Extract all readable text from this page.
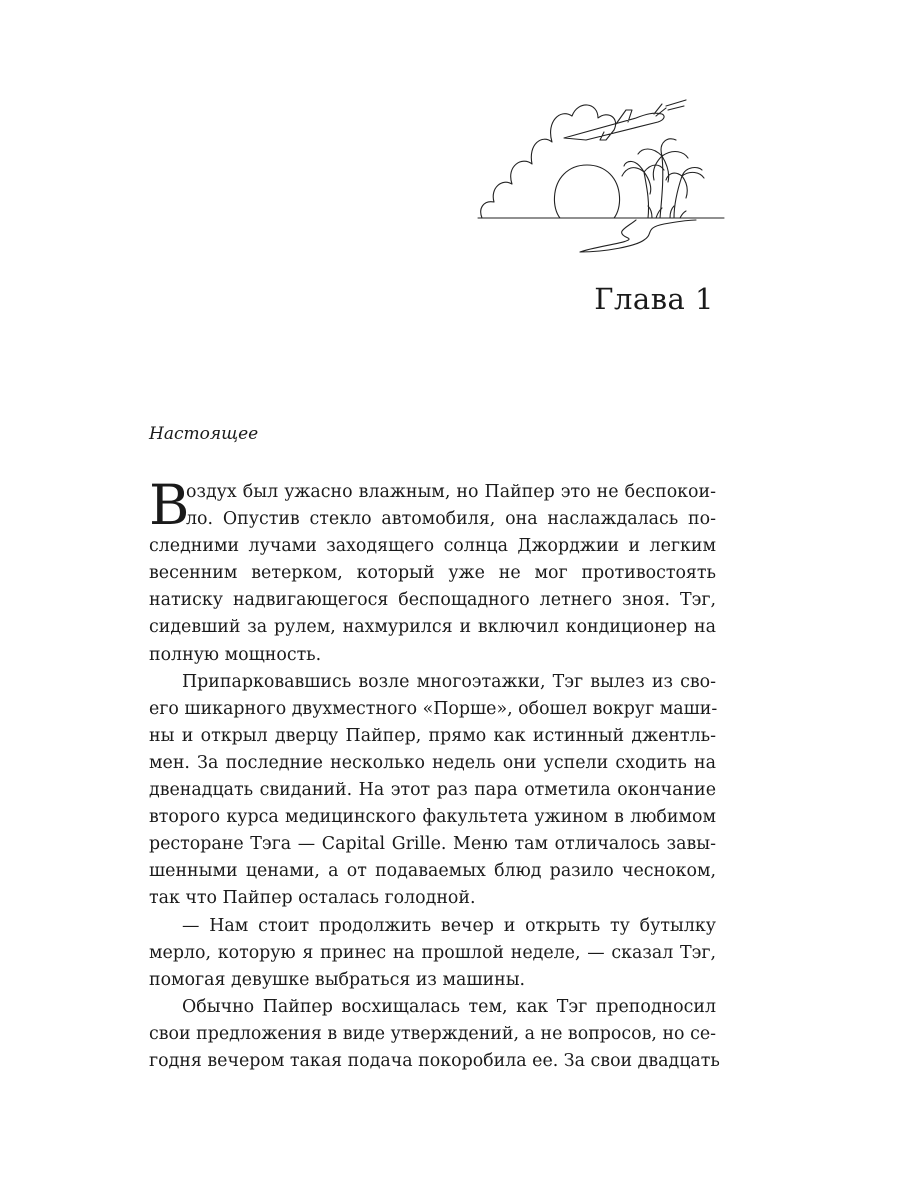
Глава 1
Настоящее
В
оздух был ужасно влажным, но Пайпер это не беспокои-
ло. Опустив стекло автомобиля, она наслаждалась по-
следними лучами заходящего солнца Джорджии и легким
весенним ветерком, который уже не мог противостоять
натиску надвигающегося беспощадного летнего зноя. Тэг,
сидевший за рулем, нахмурился и включил кондиционер на
полную мощность.
Припарковавшись возле многоэтажки, Тэг вылез из сво-
его шикарного двухместного «Порше», обошел вокруг маши-
ны и открыл дверцу Пайпер, прямо как истинный джентль-
мен. За последние несколько недель они успели сходить на
двенадцать свиданий. На этот раз пара отметила окончание
второго курса медицинского факультета ужином в любимом
ресторане Тэга — Capital Grille. Меню там отличалось завы-
шенными ценами, а от подаваемых блюд разило чесноком,
так что Пайпер осталась голодной.
— Нам стоит продолжить вечер и открыть ту бутылку
мерло, которую я принес на прошлой неделе, — сказал Тэг,
помогая девушке выбраться из машины.
Обычно Пайпер восхищалась тем, как Тэг преподносил
свои предложения в виде утверждений, а не вопросов, но се-
годня вечером такая подача покоробила ее. За свои двадцать
